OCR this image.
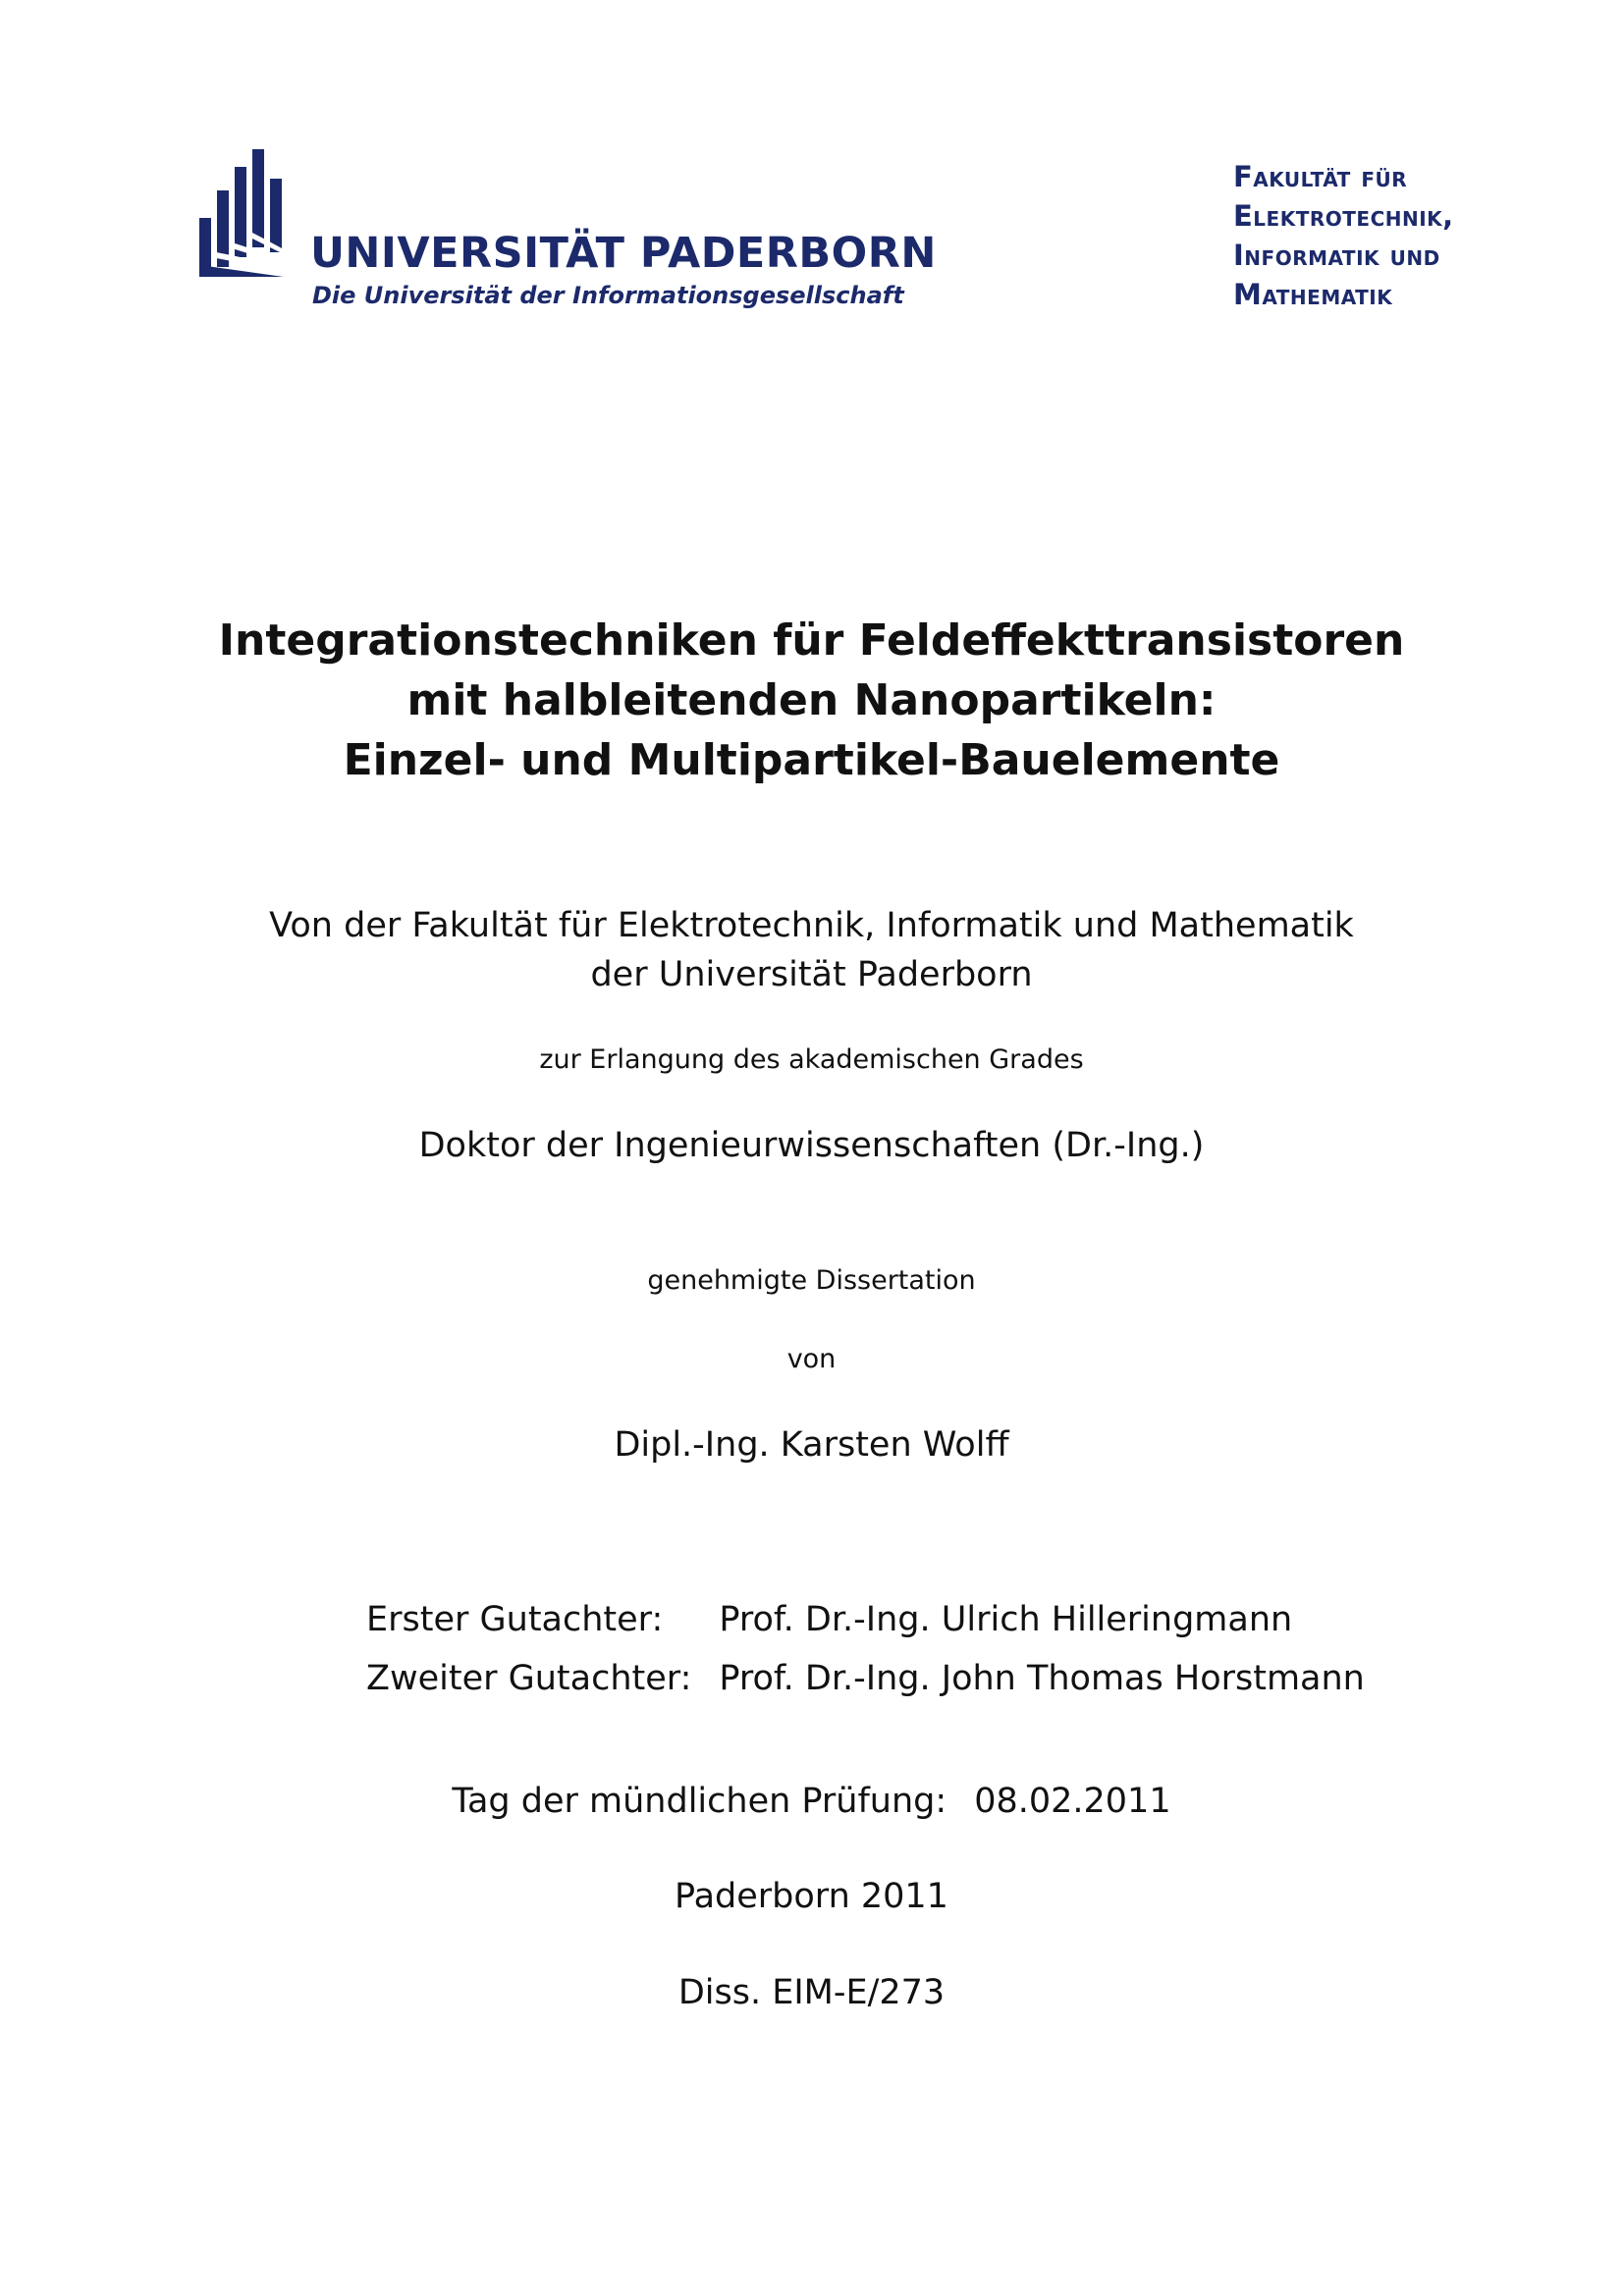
UNIVERSITÄT PADERBORN
Die Universität der Informationsgesellschaft
Fakultät für
Elektrotechnik,
Informatik und
Mathematik
Integrationstechniken für Feldeffekttransistoren
mit halbleitenden Nanopartikeln:
Einzel- und Multipartikel-Bauelemente
Von der Fakultät für Elektrotechnik, Informatik und Mathematik
der Universität Paderborn
zur Erlangung des akademischen Grades
Doktor der Ingenieurwissenschaften (Dr.-Ing.)
genehmigte Dissertation
von
Dipl.-Ing. Karsten Wolff
Erster Gutachter:	Prof. Dr.-Ing. Ulrich Hilleringmann
Zweiter Gutachter:	Prof. Dr.-Ing. John Thomas Horstmann
Tag der mündlichen Prüfung: 08.02.2011
Paderborn 2011
Diss. EIM-E/273
